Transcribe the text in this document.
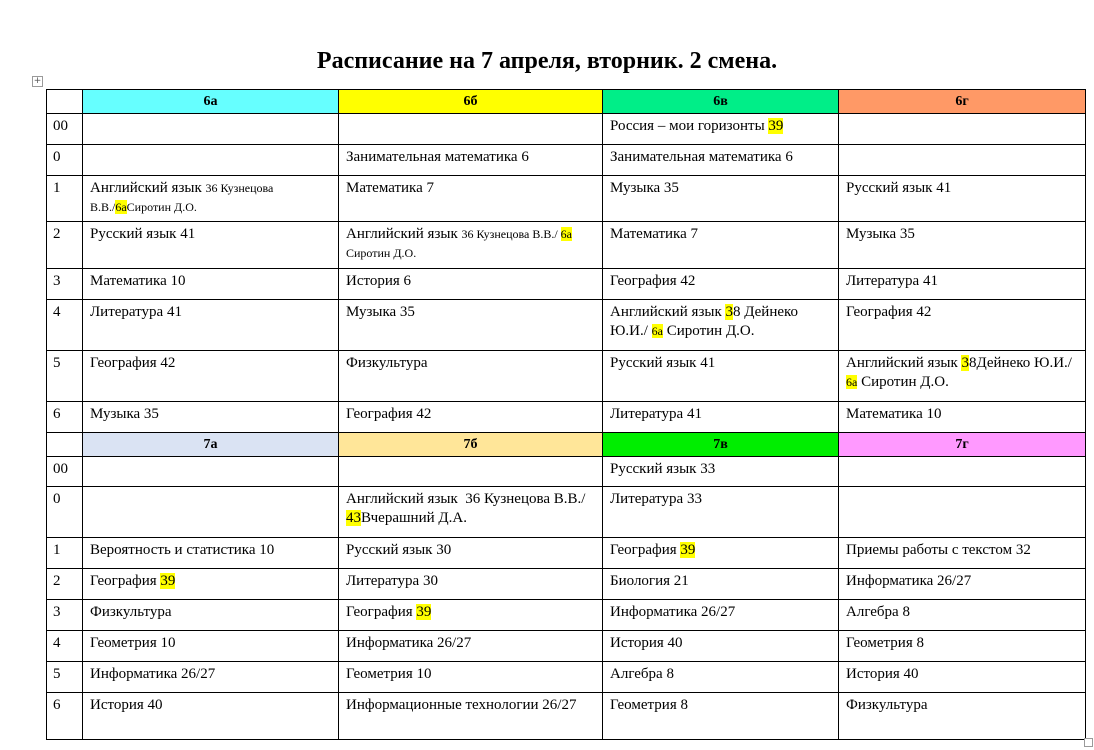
Расписание на 7 апреля, вторник. 2 смена.
+
	6а	6б	6в	6г
00			Россия – мои горизонты 39	
0		Занимательная математика 6	Занимательная математика 6	
1	Английский язык 36 Кузнецова В.В./6аСиротин Д.О.	Математика 7	Музыка 35	Русский язык 41
2	Русский язык 41	Английский язык 36 Кузнецова В.В./ 6а Сиротин Д.О.	Математика 7	Музыка 35
3	Математика 10	История 6	География 42	Литература 41
4	Литература 41	Музыка 35	Английский язык 38 Дейнеко Ю.И./ 6а Сиротин Д.О.	География 42
5	География 42	Физкультура	Русский язык 41	Английский язык 38Дейнеко Ю.И./ 6а Сиротин Д.О.
6	Музыка 35	География 42	Литература 41	Математика 10
	7а	7б	7в	7г
00			Русский язык 33	
0		Английский язык  36 Кузнецова В.В./ 43Вчерашний Д.А.	Литература 33	
1	Вероятность и статистика 10	Русский язык 30	География 39	Приемы работы с текстом 32
2	География 39	Литература 30	Биология 21	Информатика 26/27
3	Физкультура	География 39	Информатика 26/27	Алгебра 8
4	Геометрия 10	Информатика 26/27	История 40	Геометрия 8
5	Информатика 26/27	Геометрия 10	Алгебра 8	История 40
6	История 40	Информационные технологии 26/27	Геометрия 8	Физкультура
